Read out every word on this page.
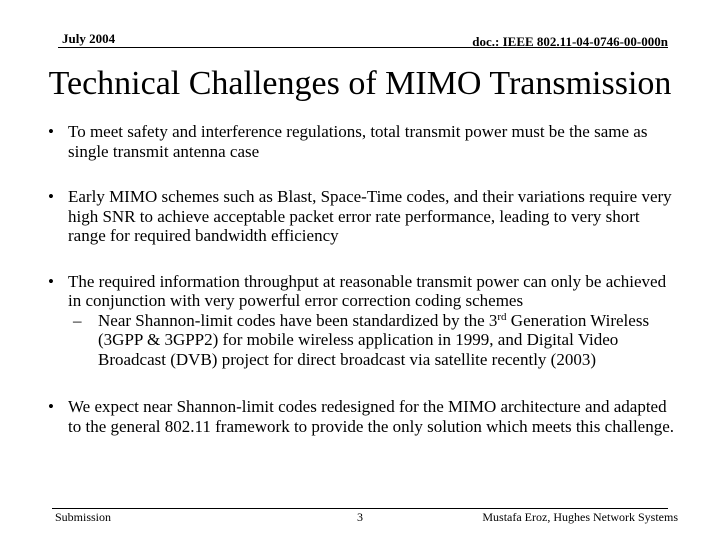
July 2004	doc.: IEEE 802.11-04-0746-00-000n
Technical Challenges of MIMO Transmission

• To meet safety and interference regulations, total transmit power must be the same as single transmit antenna case

• Early MIMO schemes such as Blast, Space-Time codes, and their variations require very high SNR to achieve acceptable packet error rate performance, leading to very short range for required bandwidth efficiency

• The required information throughput at reasonable transmit power can only be achieved in conjunction with very powerful error correction coding schemes

– Near Shannon-limit codes have been standardized by the 3rd Generation Wireless (3GPP & 3GPP2) for mobile wireless application in 1999, and Digital Video Broadcast (DVB) project for direct broadcast via satellite recently (2003)

• We expect near Shannon-limit codes redesigned for the MIMO architecture and adapted to the general 802.11 framework to provide the only solution which meets this challenge.

Submission	3	Mustafa Eroz, Hughes Network Systems
